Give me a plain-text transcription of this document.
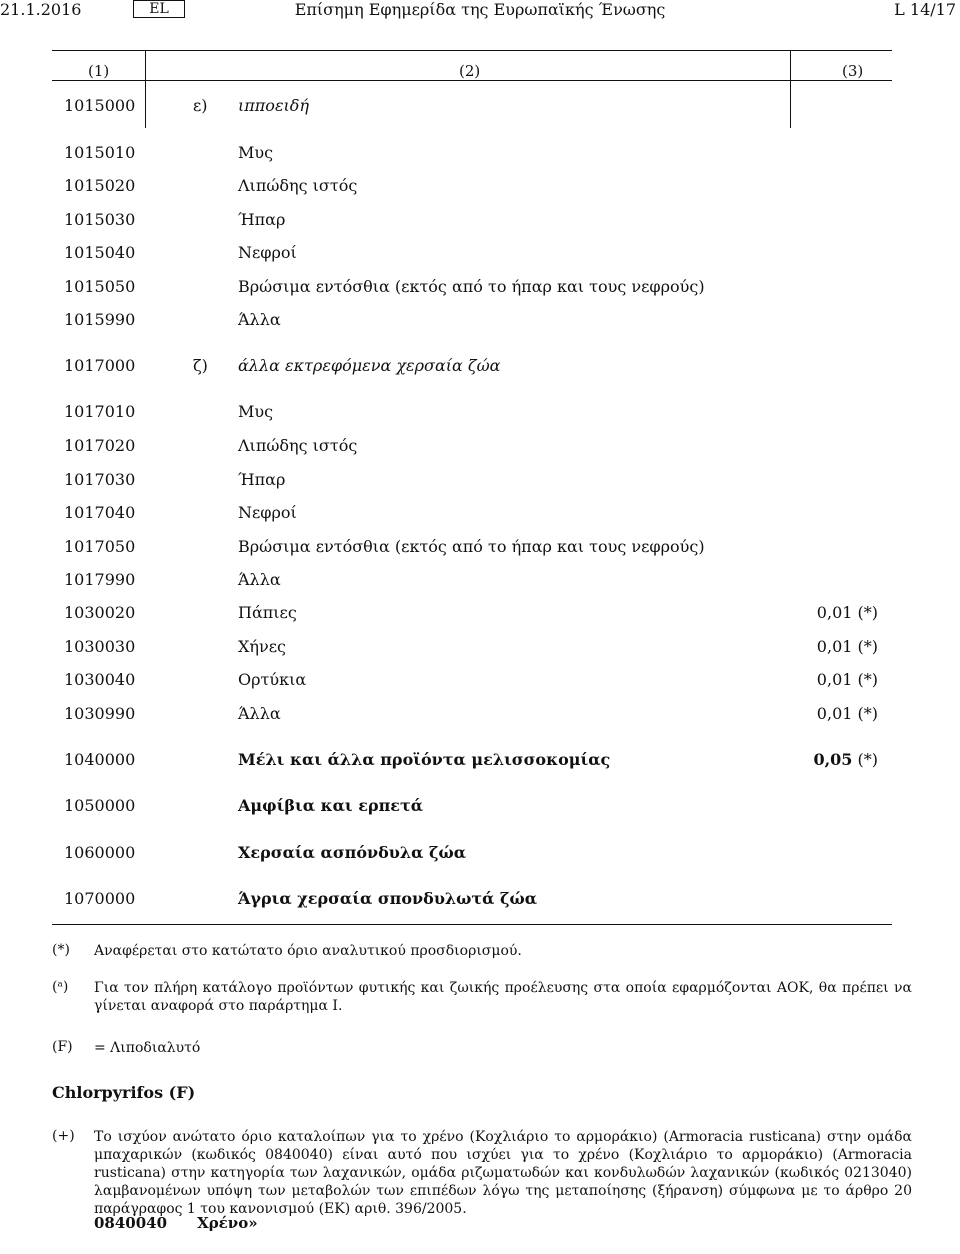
21.1.2016	EL	Επίσημη Εφημερίδα της Ευρωπαϊκής Ένωσης	L 14/17
(1)	(2)	(3)
1015000	ε) ιπποειδή
1015010	Μυς
1015020	Λιπώδης ιστός
1015030	Ήπαρ
1015040	Νεφροί
1015050	Βρώσιμα εντόσθια (εκτός από το ήπαρ και τους νεφρούς)
1015990	Άλλα
1017000	ζ) άλλα εκτρεφόμενα χερσαία ζώα
1017010	Μυς
1017020	Λιπώδης ιστός
1017030	Ήπαρ
1017040	Νεφροί
1017050	Βρώσιμα εντόσθια (εκτός από το ήπαρ και τους νεφρούς)
1017990	Άλλα
1030020	Πάπιες	0,01 (*)
1030030	Χήνες	0,01 (*)
1030040	Ορτύκια	0,01 (*)
1030990	Άλλα	0,01 (*)
1040000	Μέλι και άλλα προϊόντα μελισσοκομίας	0,05 (*)
1050000	Αμφίβια και ερπετά
1060000	Χερσαία ασπόνδυλα ζώα
1070000	Άγρια χερσαία σπονδυλωτά ζώα
(*) Αναφέρεται στο κατώτατο όριο αναλυτικού προσδιορισμού.
(ᵃ) Για τον πλήρη κατάλογο προϊόντων φυτικής και ζωικής προέλευσης στα οποία εφαρμόζονται ΑΟΚ, θα πρέπει να γίνεται αναφορά στο παράρτημα I.
(F) = Λιποδιαλυτό
Chlorpyrifos (F)
(+) Το ισχύον ανώτατο όριο καταλοίπων για το χρένο (Κοχλιάριο το αρμοράκιο) (Armoracia rusticana) στην ομάδα μπαχαρικών (κωδικός 0840040) είναι αυτό που ισχύει για το χρένο (Κοχλιάριο το αρμοράκιο) (Armoracia rusticana) στην κατηγορία των λαχανικών, ομάδα ριζωματωδών και κονδυλωδών λαχανικών (κωδικός 0213040) λαμβανομένων υπόψη των μεταβολών των επιπέδων λόγω της μεταποίησης (ξήρανση) σύμφωνα με το άρθρο 20 παράγραφος 1 του κανονισμού (ΕΚ) αριθ. 396/2005.
0840040 Χρένο»
